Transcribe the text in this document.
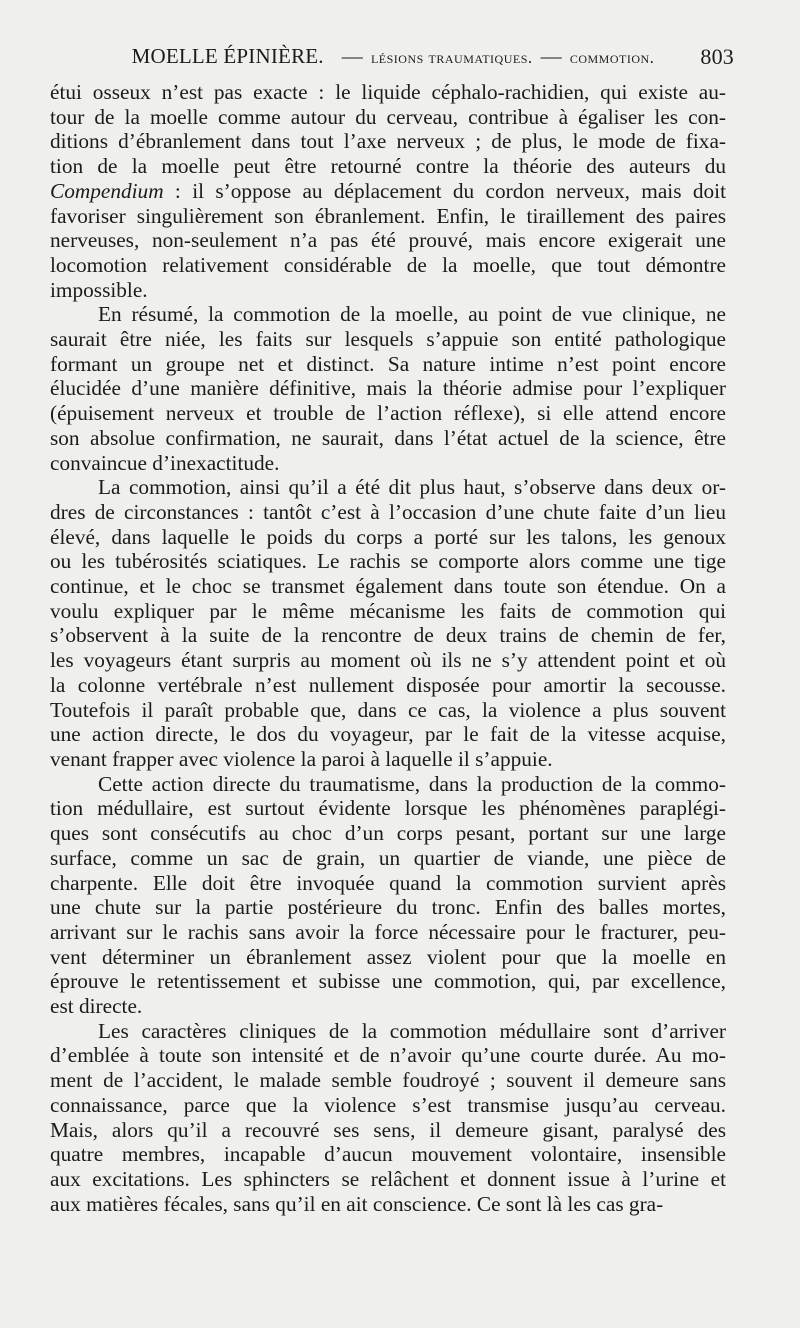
MOELLE ÉPINIÈRE. — lésions traumatiques. — commotion. 803

étui osseux n’est pas exacte : le liquide céphalo-rachidien, qui existe au-
tour de la moelle comme autour du cerveau, contribue à égaliser les con-
ditions d’ébranlement dans tout l’axe nerveux ; de plus, le mode de fixa-
tion de la moelle peut être retourné contre la théorie des auteurs du
Compendium : il s’oppose au déplacement du cordon nerveux, mais doit
favoriser singulièrement son ébranlement. Enfin, le tiraillement des paires
nerveuses, non-seulement n’a pas été prouvé, mais encore exigerait une
locomotion relativement considérable de la moelle, que tout démontre
impossible.

En résumé, la commotion de la moelle, au point de vue clinique, ne
saurait être niée, les faits sur lesquels s’appuie son entité pathologique
formant un groupe net et distinct. Sa nature intime n’est point encore
élucidée d’une manière définitive, mais la théorie admise pour l’expliquer
(épuisement nerveux et trouble de l’action réflexe), si elle attend encore
son absolue confirmation, ne saurait, dans l’état actuel de la science, être
convaincue d’inexactitude.

La commotion, ainsi qu’il a été dit plus haut, s’observe dans deux or-
dres de circonstances : tantôt c’est à l’occasion d’une chute faite d’un lieu
élevé, dans laquelle le poids du corps a porté sur les talons, les genoux
ou les tubérosités sciatiques. Le rachis se comporte alors comme une tige
continue, et le choc se transmet également dans toute son étendue. On a
voulu expliquer par le même mécanisme les faits de commotion qui
s’observent à la suite de la rencontre de deux trains de chemin de fer,
les voyageurs étant surpris au moment où ils ne s’y attendent point et où
la colonne vertébrale n’est nullement disposée pour amortir la secousse.
Toutefois il paraît probable que, dans ce cas, la violence a plus souvent
une action directe, le dos du voyageur, par le fait de la vitesse acquise,
venant frapper avec violence la paroi à laquelle il s’appuie.

Cette action directe du traumatisme, dans la production de la commo-
tion médullaire, est surtout évidente lorsque les phénomènes paraplégi-
ques sont consécutifs au choc d’un corps pesant, portant sur une large
surface, comme un sac de grain, un quartier de viande, une pièce de
charpente. Elle doit être invoquée quand la commotion survient après
une chute sur la partie postérieure du tronc. Enfin des balles mortes,
arrivant sur le rachis sans avoir la force nécessaire pour le fracturer, peu-
vent déterminer un ébranlement assez violent pour que la moelle en
éprouve le retentissement et subisse une commotion, qui, par excellence,
est directe.

Les caractères cliniques de la commotion médullaire sont d’arriver
d’emblée à toute son intensité et de n’avoir qu’une courte durée. Au mo-
ment de l’accident, le malade semble foudroyé ; souvent il demeure sans
connaissance, parce que la violence s’est transmise jusqu’au cerveau.
Mais, alors qu’il a recouvré ses sens, il demeure gisant, paralysé des
quatre membres, incapable d’aucun mouvement volontaire, insensible
aux excitations. Les sphincters se relâchent et donnent issue à l’urine et
aux matières fécales, sans qu’il en ait conscience. Ce sont là les cas gra-
